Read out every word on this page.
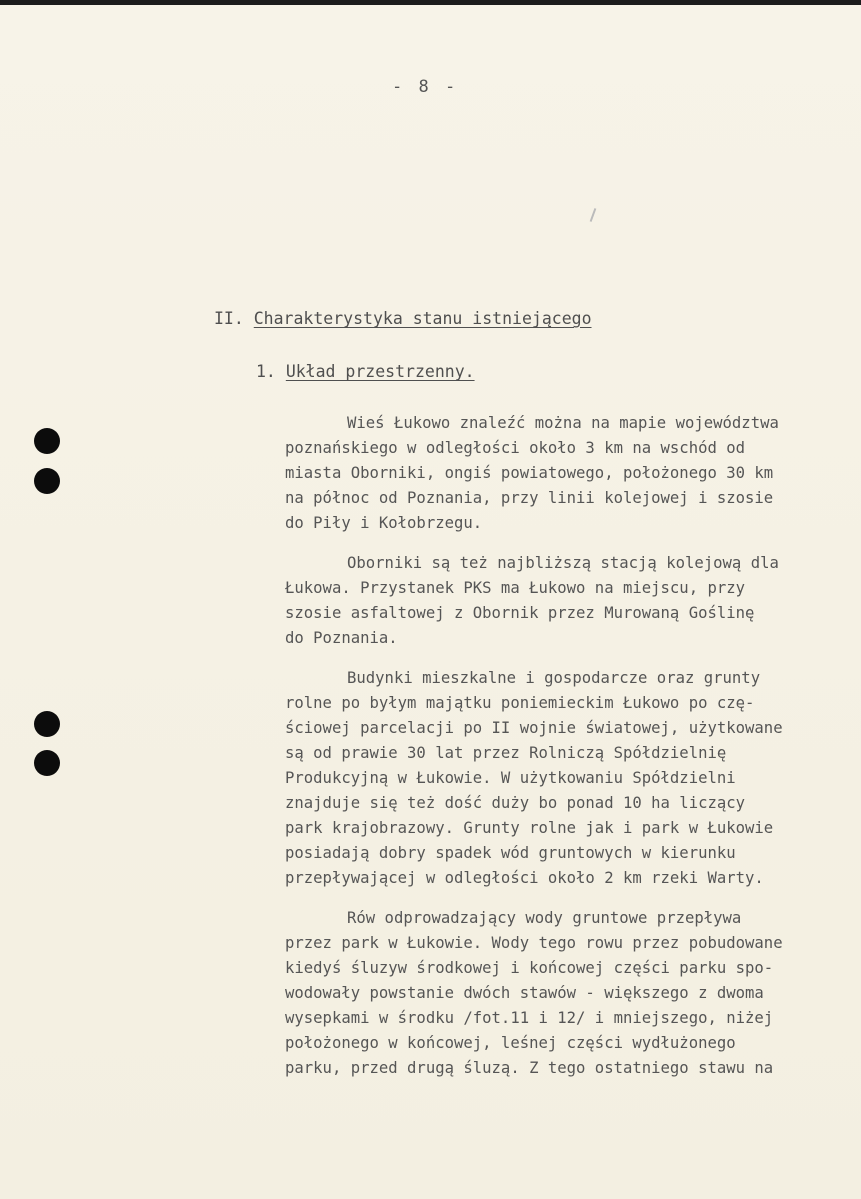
- 8 -
II. Charakterystyka stanu istniejącego
1. Układ przestrzenny.

Wieś Łukowo znaleźć można na mapie województwa
poznańskiego w odległości około 3 km na wschód od
miasta Oborniki, ongiś powiatowego, położonego 30 km
na północ od Poznania, przy linii kolejowej i szosie
do Piły i Kołobrzegu.

Oborniki są też najbliższą stacją kolejową dla
Łukowa. Przystanek PKS ma Łukowo na miejscu, przy
szosie asfaltowej z Obornik przez Murowaną Goślinę
do Poznania.

Budynki mieszkalne i gospodarcze oraz grunty
rolne po byłym majątku poniemieckim Łukowo po czę-
ściowej parcelacji po II wojnie światowej, użytkowane
są od prawie 30 lat przez Rolniczą Spółdzielnię
Produkcyjną w Łukowie. W użytkowaniu Spółdzielni
znajduje się też dość duży bo ponad 10 ha liczący
park krajobrazowy. Grunty rolne jak i park w Łukowie
posiadają dobry spadek wód gruntowych w kierunku
przepływającej w odległości około 2 km rzeki Warty.

Rów odprowadzający wody gruntowe przepływa
przez park w Łukowie. Wody tego rowu przez pobudowane
kiedyś śluzyw środkowej i końcowej części parku spo-
wodowały powstanie dwóch stawów - większego z dwoma
wysepkami w środku /fot.11 i 12/ i mniejszego, niżej
położonego w końcowej, leśnej części wydłużonego
parku, przed drugą śluzą. Z tego ostatniego stawu na
